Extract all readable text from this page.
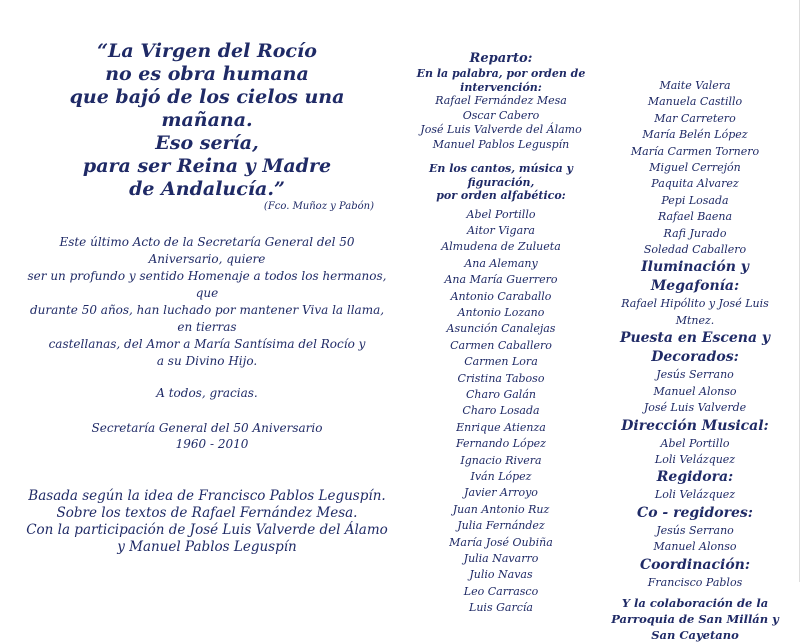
“La Virgen del Rocío
no es obra humana
que bajó de los cielos una mañana.
Eso sería,
para ser Reina y Madre
de Andalucía.”
(Fco. Muñoz y Pabón)
Este último Acto de la Secretaría General del 50 Aniversario, quiere
ser un profundo y sentido Homenaje a todos los hermanos, que
durante 50 años, han luchado por mantener Viva la llama, en tierras
castellanas, del Amor a María Santísima del Rocío y
a su Divino Hijo.
A todos, gracias.
Secretaría General del 50 Aniversario
1960 - 2010
Basada según la idea de Francisco Pablos Leguspín.
Sobre los textos de Rafael Fernández Mesa.
Con la participación de José Luis Valverde del Álamo
y Manuel Pablos Leguspín
Reparto:
En la palabra, por orden de intervención:
Rafael Fernández Mesa
Oscar Cabero
José Luis Valverde del Álamo
Manuel Pablos Leguspín
En los cantos, música y figuración,
por orden alfabético:
Abel Portillo
Aitor Vigara
Almudena de Zulueta
Ana Alemany
Ana María Guerrero
Antonio Caraballo
Antonio Lozano
Asunción Canalejas
Carmen Caballero
Carmen Lora
Cristina Taboso
Charo Galán
Charo Losada
Enrique Atienza
Fernando López
Ignacio Rivera
Iván López
Javier Arroyo
Juan Antonio Ruz
Julia Fernández
María José Oubiña
Julia Navarro
Julio Navas
Leo Carrasco
Luis García
Maite Valera
Manuela Castillo
Mar Carretero
María Belén López
María Carmen Tornero
Miguel Cerrejón
Paquita Alvarez
Pepi Losada
Rafael Baena
Rafi Jurado
Soledad Caballero
Iluminación y Megafonía:
Rafael Hipólito y José Luis Mtnez.
Puesta en Escena y Decorados:
Jesús Serrano
Manuel Alonso
José Luis Valverde
Dirección Musical:
Abel Portillo
Loli Velázquez
Regidora:
Loli Velázquez
Co - regidores:
Jesús Serrano
Manuel Alonso
Coordinación:
Francisco Pablos
Y la colaboración de la
Parroquia de San Millán y
San Cayetano
